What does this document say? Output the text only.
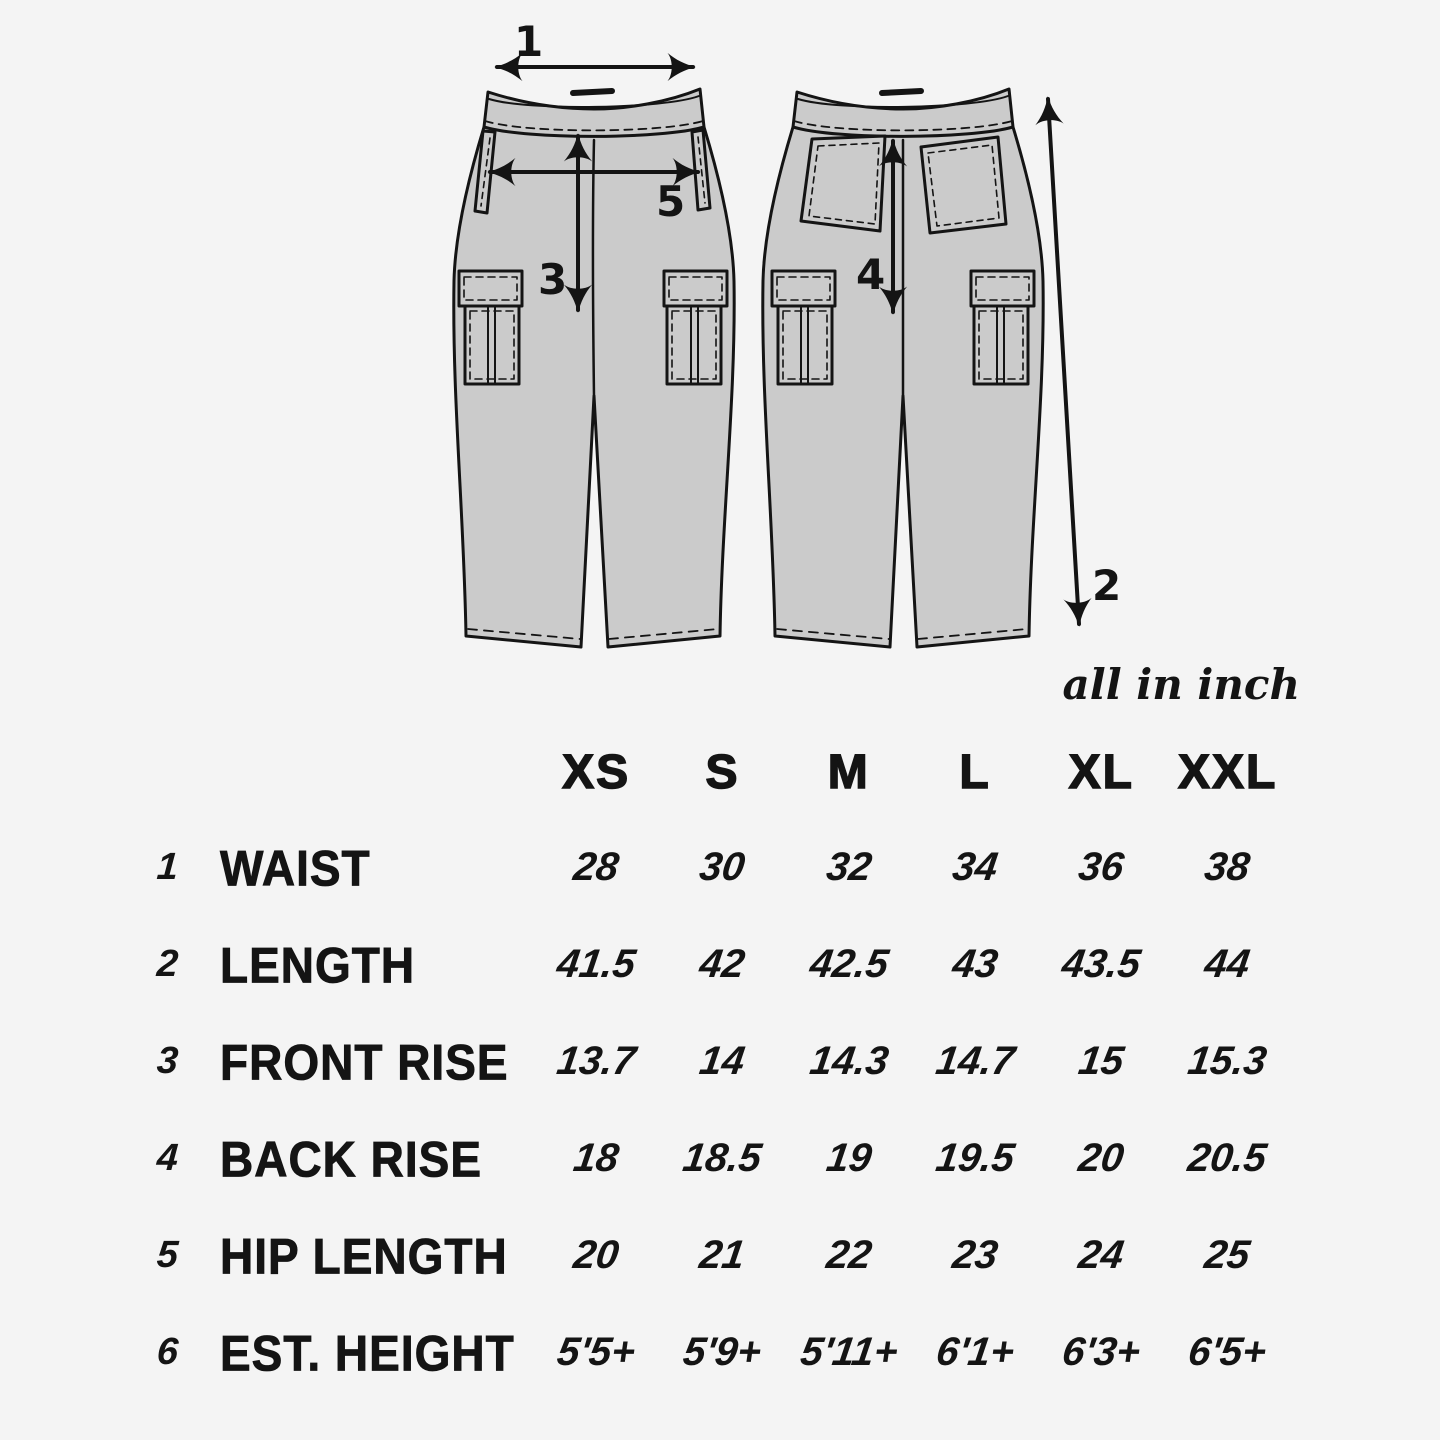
1
5
3	4
2
all in inch
XS	S	M	L	XL XXL
1 WAIST	28	30	32	34	36	38
2 LENGTH	41.5	42	42.5	43	43.5	44
3 FRONT RISE	13.7	14	14.3	14.7	15	15.3
4 BACK RISE	18	18.5	19	19.5	20	20.5
5 HIP LENGTH	20	21	22	23	24	25
6 EST. HEIGHT 5'5+	5'9+ 5'11+ 6'1+	6'3+	6'5+
